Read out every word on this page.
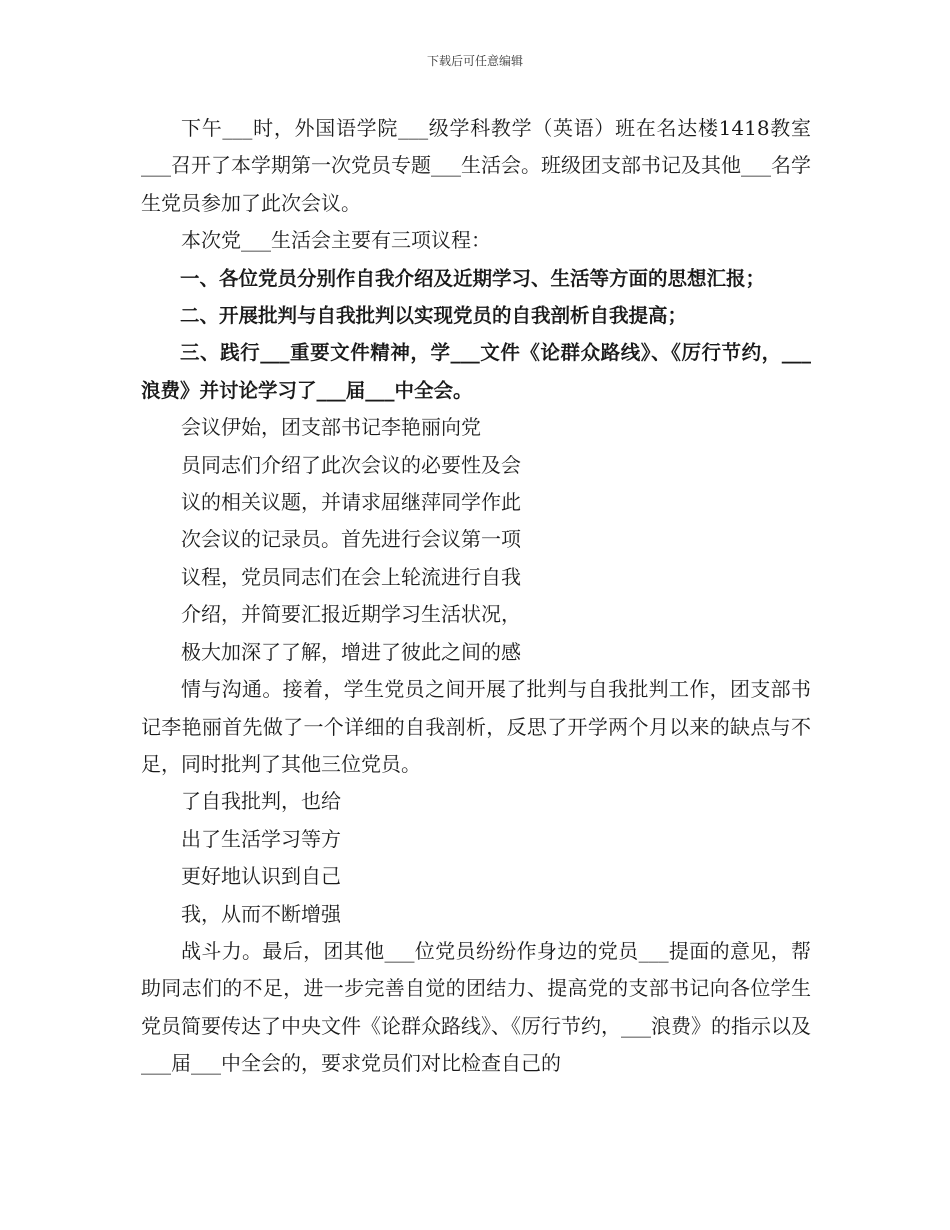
下载后可任意编辑

下午___时，外国语学院___级学科教学（英语）班在名达楼1418教室___召开了本学期第一次党员专题___生活会。班级团支部书记及其他___名学生党员参加了此次会议。

本次党___生活会主要有三项议程：

一、各位党员分别作自我介绍及近期学习、生活等方面的思想汇报；

二、开展批判与自我批判以实现党员的自我剖析自我提高；

三、践行___重要文件精神，学___文件《论群众路线》、《厉行节约，___浪费》并讨论学习了___届___中全会。

会议伊始，团支部书记李艳丽向党

员同志们介绍了此次会议的必要性及会

议的相关议题，并请求屈继萍同学作此

次会议的记录员。首先进行会议第一项

议程，党员同志们在会上轮流进行自我

介绍，并简要汇报近期学习生活状况，

极大加深了了解，增进了彼此之间的感

情与沟通。接着，学生党员之间开展了批判与自我批判工作，团支部书记李艳丽首先做了一个详细的自我剖析，反思了开学两个月以来的缺点与不足，同时批判了其他三位党员。

了自我批判，也给

出了生活学习等方

更好地认识到自己

我，从而不断增强

战斗力。最后，团其他___位党员纷纷作身边的党员___提面的意见，帮助同志们的不足，进一步完善自觉的团结力、提高党的支部书记向各位学生党员简要传达了中央文件《论群众路线》、《厉行节约，___浪费》的指示以及___届___中全会的，要求党员们对比检查自己的
